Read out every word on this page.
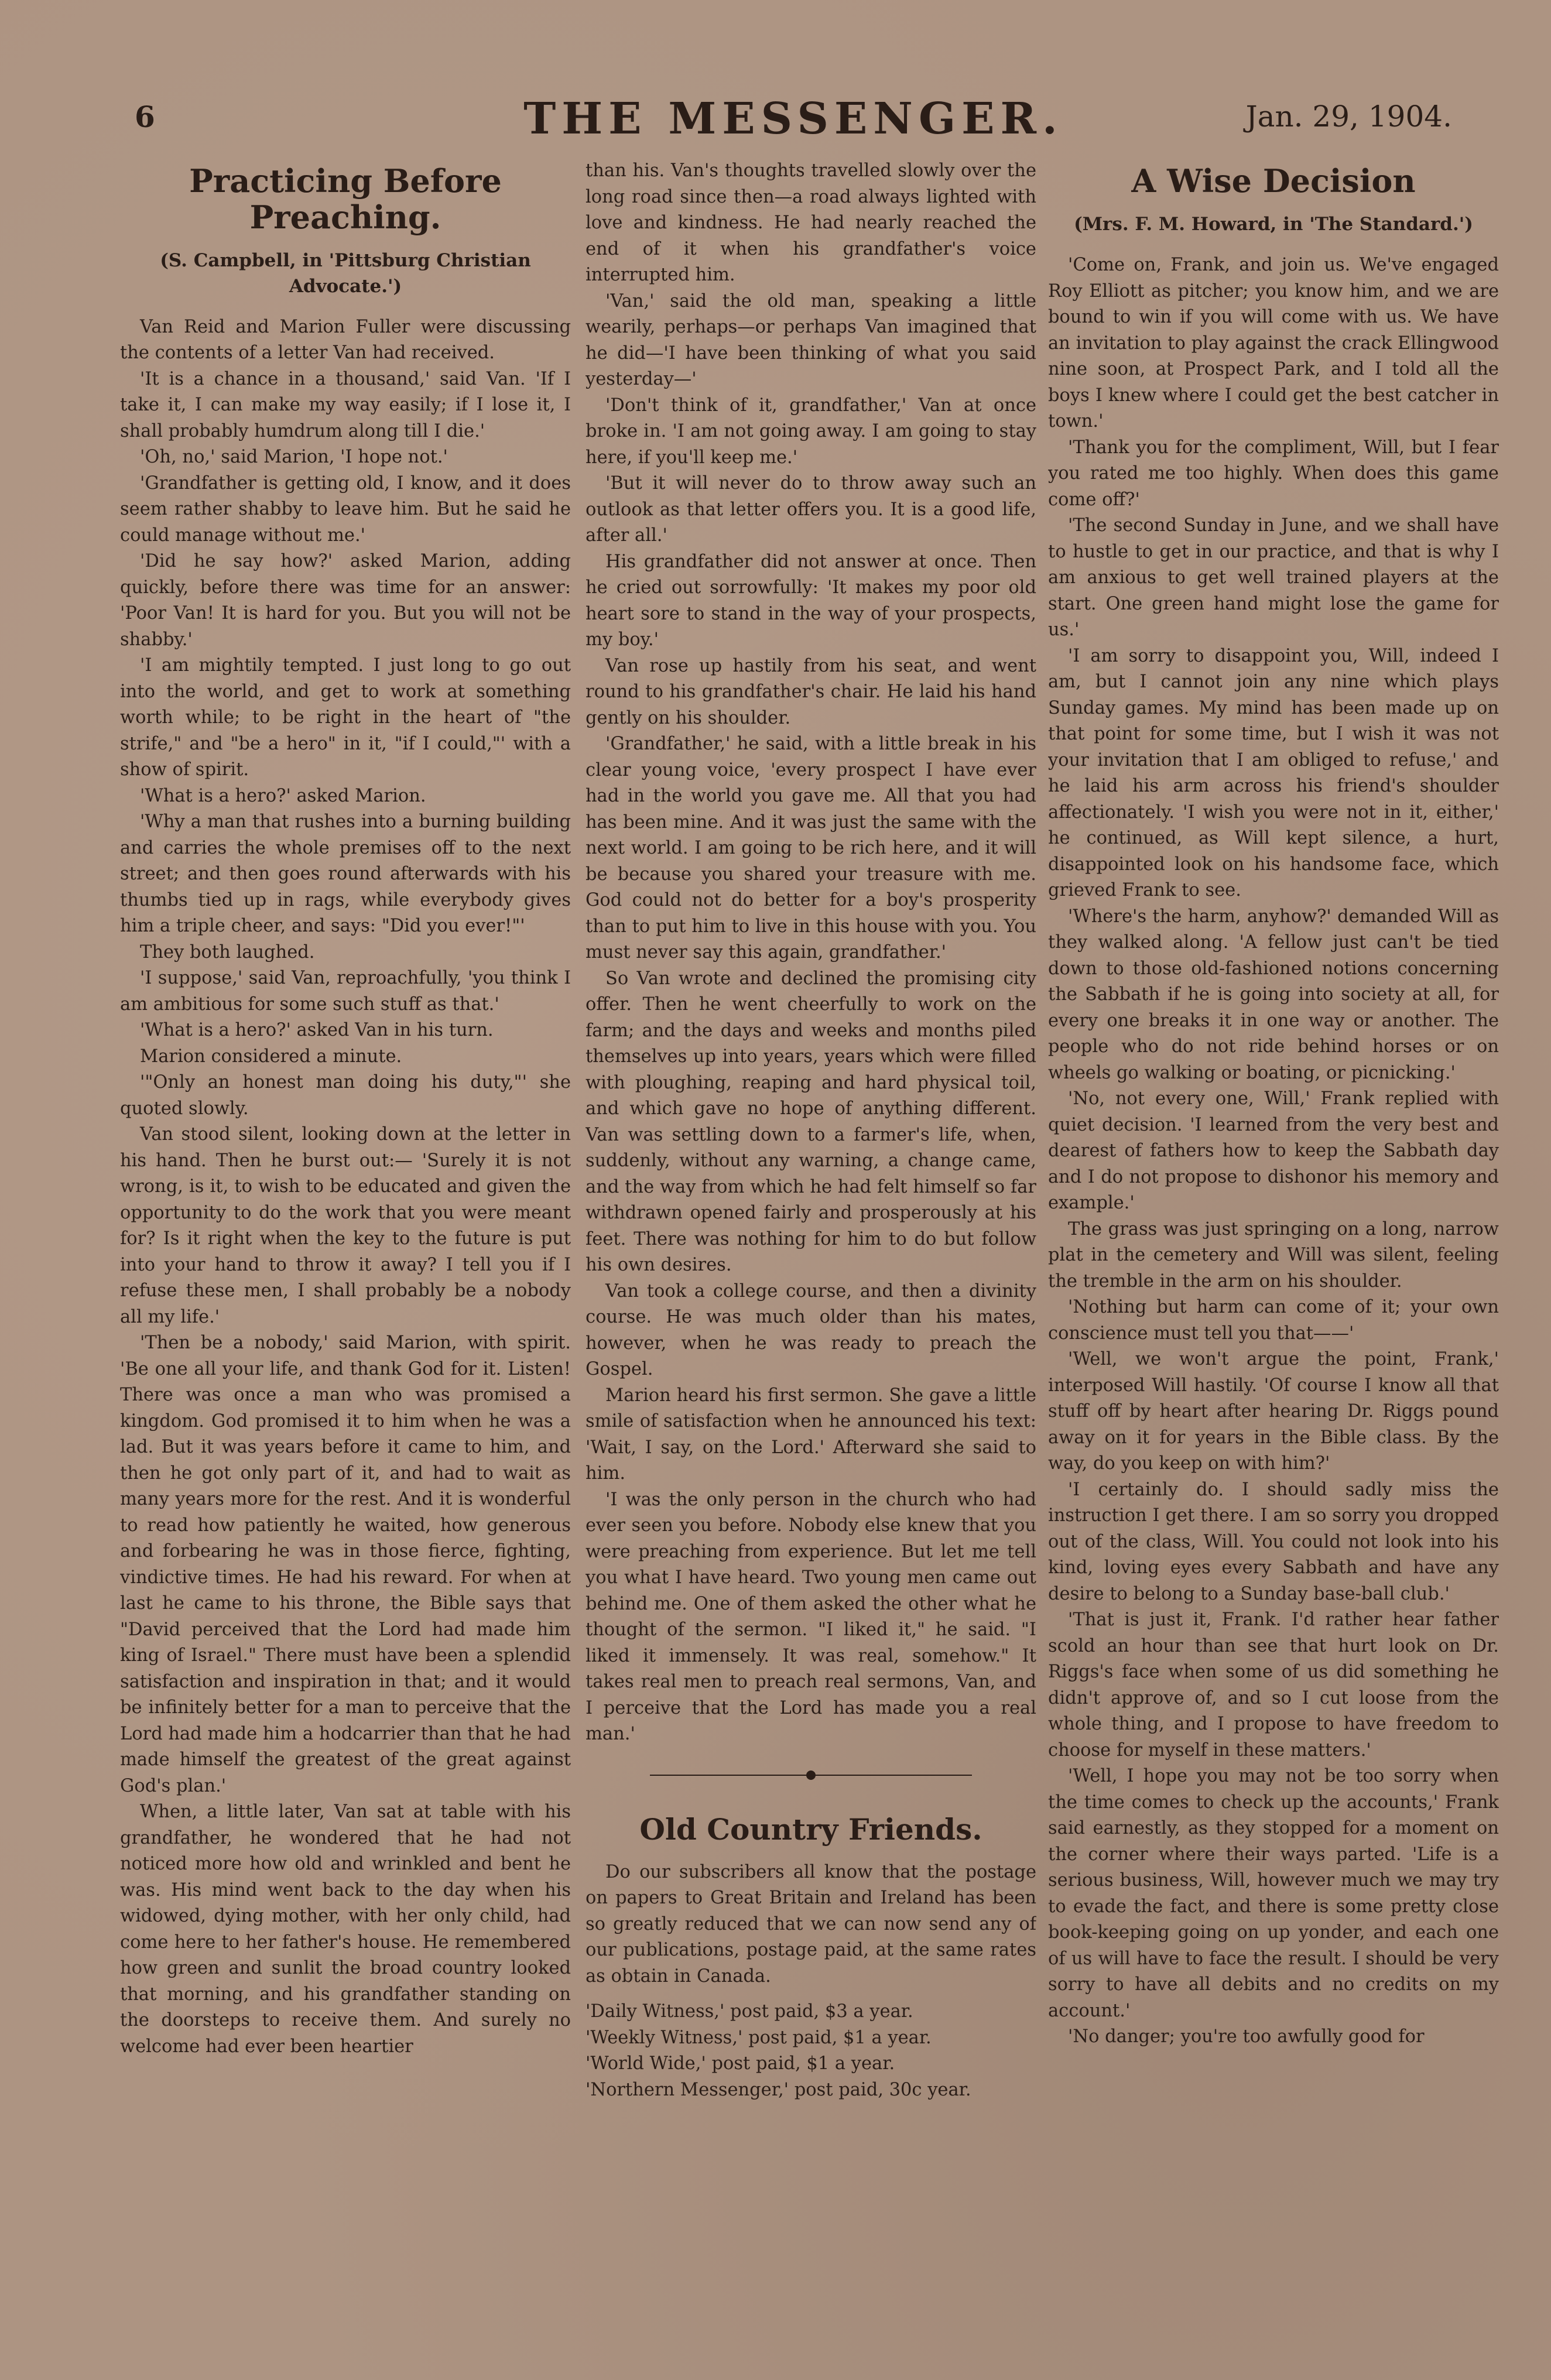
6	THE MESSENGER.	Jan. 29, 1904.
Practicing Before Preaching.

(S. Campbell, in 'Pittsburg Christian Advocate.')

Van Reid and Marion Fuller were discussing the contents of a letter Van had received.

'It is a chance in a thousand,' said Van. 'If I take it, I can make my way easily; if I lose it, I shall probably humdrum along till I die.'

'Oh, no,' said Marion, 'I hope not.'

'Grandfather is getting old, I know, and it does seem rather shabby to leave him. But he said he could manage without me.'

'Did he say how?' asked Marion, adding quickly, before there was time for an answer: 'Poor Van! It is hard for you. But you will not be shabby.'

'I am mightily tempted. I just long to go out into the world, and get to work at something worth while; to be right in the heart of "the strife," and "be a hero" in it, "if I could,"' with a show of spirit.

'What is a hero?' asked Marion.

'Why a man that rushes into a burning building and carries the whole premises off to the next street; and then goes round afterwards with his thumbs tied up in rags, while everybody gives him a triple cheer, and says: "Did you ever!"'

They both laughed.

'I suppose,' said Van, reproachfully, 'you think I am ambitious for some such stuff as that.'

'What is a hero?' asked Van in his turn.

Marion considered a minute.

'"Only an honest man doing his duty,"' she quoted slowly.

Van stood silent, looking down at the letter in his hand. Then he burst out:— 'Surely it is not wrong, is it, to wish to be educated and given the opportunity to do the work that you were meant for? Is it right when the key to the future is put into your hand to throw it away? I tell you if I refuse these men, I shall probably be a nobody all my life.'

'Then be a nobody,' said Marion, with spirit. 'Be one all your life, and thank God for it. Listen! There was once a man who was promised a kingdom. God promised it to him when he was a lad. But it was years before it came to him, and then he got only part of it, and had to wait as many years more for the rest. And it is wonderful to read how patiently he waited, how generous and forbearing he was in those fierce, fighting, vindictive times. He had his reward. For when at last he came to his throne, the Bible says that "David perceived that the Lord had made him king of Israel." There must have been a splendid satisfaction and inspiration in that; and it would be infinitely better for a man to perceive that the Lord had made him a hodcarrier than that he had made himself the greatest of the great against God's plan.'

When, a little later, Van sat at table with his grandfather, he wondered that he had not noticed more how old and wrinkled and bent he was. His mind went back to the day when his widowed, dying mother, with her only child, had come here to her father's house. He remembered how green and sunlit the broad country looked that morning, and his grandfather standing on the doorsteps to receive them. And surely no welcome had ever been heartier

than his. Van's thoughts travelled slowly over the long road since then—a road always lighted with love and kindness. He had nearly reached the end of it when his grandfather's voice interrupted him.

'Van,' said the old man, speaking a little wearily, perhaps—or perhaps Van imagined that he did—'I have been thinking of what you said yesterday—'

'Don't think of it, grandfather,' Van at once broke in. 'I am not going away. I am going to stay here, if you'll keep me.'

'But it will never do to throw away such an outlook as that letter offers you. It is a good life, after all.'

His grandfather did not answer at once. Then he cried out sorrowfully: 'It makes my poor old heart sore to stand in the way of your prospects, my boy.'

Van rose up hastily from his seat, and went round to his grandfather's chair. He laid his hand gently on his shoulder.

'Grandfather,' he said, with a little break in his clear young voice, 'every prospect I have ever had in the world you gave me. All that you had has been mine. And it was just the same with the next world. I am going to be rich here, and it will be because you shared your treasure with me. God could not do better for a boy's prosperity than to put him to live in this house with you. You must never say this again, grandfather.'

So Van wrote and declined the promising city offer. Then he went cheerfully to work on the farm; and the days and weeks and months piled themselves up into years, years which were filled with ploughing, reaping and hard physical toil, and which gave no hope of anything different. Van was settling down to a farmer's life, when, suddenly, without any warning, a change came, and the way from which he had felt himself so far withdrawn opened fairly and prosperously at his feet. There was nothing for him to do but follow his own desires.

Van took a college course, and then a divinity course. He was much older than his mates, however, when he was ready to preach the Gospel.

Marion heard his first sermon. She gave a little smile of satisfaction when he announced his text: 'Wait, I say, on the Lord.' Afterward she said to him.

'I was the only person in the church who had ever seen you before. Nobody else knew that you were preaching from experience. But let me tell you what I have heard. Two young men came out behind me. One of them asked the other what he thought of the sermon. "I liked it," he said. "I liked it immensely. It was real, somehow." It takes real men to preach real sermons, Van, and I perceive that the Lord has made you a real man.'

Old Country Friends.

Do our subscribers all know that the postage on papers to Great Britain and Ireland has been so greatly reduced that we can now send any of our publications, postage paid, at the same rates as obtain in Canada.

'Daily Witness,' post paid, $3 a year.

'Weekly Witness,' post paid, $1 a year.

'World Wide,' post paid, $1 a year.

'Northern Messenger,' post paid, 30c year.

A Wise Decision

(Mrs. F. M. Howard, in 'The Standard.')

'Come on, Frank, and join us. We've engaged Roy Elliott as pitcher; you know him, and we are bound to win if you will come with us. We have an invitation to play against the crack Ellingwood nine soon, at Prospect Park, and I told all the boys I knew where I could get the best catcher in town.'

'Thank you for the compliment, Will, but I fear you rated me too highly. When does this game come off?'

'The second Sunday in June, and we shall have to hustle to get in our practice, and that is why I am anxious to get well trained players at the start. One green hand might lose the game for us.'

'I am sorry to disappoint you, Will, indeed I am, but I cannot join any nine which plays Sunday games. My mind has been made up on that point for some time, but I wish it was not your invitation that I am obliged to refuse,' and he laid his arm across his friend's shoulder affectionately. 'I wish you were not in it, either,' he continued, as Will kept silence, a hurt, disappointed look on his handsome face, which grieved Frank to see.

'Where's the harm, anyhow?' demanded Will as they walked along. 'A fellow just can't be tied down to those old-fashioned notions concerning the Sabbath if he is going into society at all, for every one breaks it in one way or another. The people who do not ride behind horses or on wheels go walking or boating, or picnicking.'

'No, not every one, Will,' Frank replied with quiet decision. 'I learned from the very best and dearest of fathers how to keep the Sabbath day and I do not propose to dishonor his memory and example.'

The grass was just springing on a long, narrow plat in the cemetery and Will was silent, feeling the tremble in the arm on his shoulder.

'Nothing but harm can come of it; your own conscience must tell you that——'

'Well, we won't argue the point, Frank,' interposed Will hastily. 'Of course I know all that stuff off by heart after hearing Dr. Riggs pound away on it for years in the Bible class. By the way, do you keep on with him?'

'I certainly do. I should sadly miss the instruction I get there. I am so sorry you dropped out of the class, Will. You could not look into his kind, loving eyes every Sabbath and have any desire to belong to a Sunday base-ball club.'

'That is just it, Frank. I'd rather hear father scold an hour than see that hurt look on Dr. Riggs's face when some of us did something he didn't approve of, and so I cut loose from the whole thing, and I propose to have freedom to choose for myself in these matters.'

'Well, I hope you may not be too sorry when the time comes to check up the accounts,' Frank said earnestly, as they stopped for a moment on the corner where their ways parted. 'Life is a serious business, Will, however much we may try to evade the fact, and there is some pretty close book-keeping going on up yonder, and each one of us will have to face the result. I should be very sorry to have all debits and no credits on my account.'

'No danger; you're too awfully good for
